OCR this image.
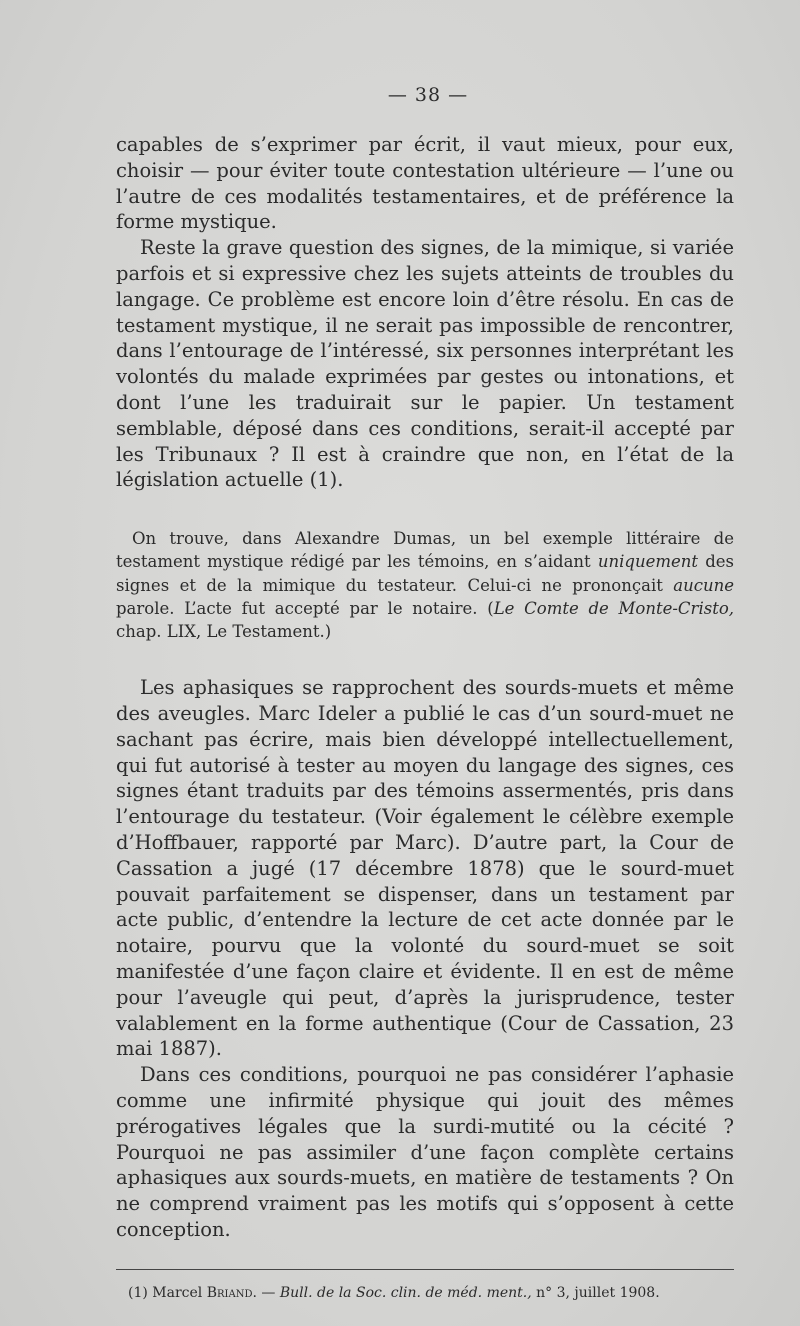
— 38 —

capables de s’exprimer par écrit, il vaut mieux, pour eux, choisir — pour éviter toute contestation ultérieure — l’une ou l’autre de ces modalités testamentaires, et de préférence la forme mystique.

Reste la grave question des signes, de la mimique, si variée parfois et si expressive chez les sujets atteints de troubles du langage. Ce problème est encore loin d’être résolu. En cas de testament mystique, il ne serait pas impossible de rencontrer, dans l’entourage de l’intéressé, six personnes interprétant les volontés du malade exprimées par gestes ou intonations, et dont l’une les traduirait sur le papier. Un testament semblable, déposé dans ces conditions, serait-il accepté par les Tribunaux ? Il est à craindre que non, en l’état de la législation actuelle (1).

On trouve, dans Alexandre Dumas, un bel exemple littéraire de testament mystique rédigé par les témoins, en s’aidant uniquement des signes et de la mimique du testateur. Celui-ci ne prononçait aucune parole. L’acte fut accepté par le notaire. (Le Comte de Monte-Cristo, chap. LIX, Le Testament.)

Les aphasiques se rapprochent des sourds-muets et même des aveugles. Marc Ideler a publié le cas d’un sourd-muet ne sachant pas écrire, mais bien développé intellectuellement, qui fut autorisé à tester au moyen du langage des signes, ces signes étant traduits par des témoins assermentés, pris dans l’entourage du testateur. (Voir également le célèbre exemple d’Hoffbauer, rapporté par Marc). D’autre part, la Cour de Cassation a jugé (17 décembre 1878) que le sourd-muet pouvait parfaitement se dispenser, dans un testament par acte public, d’entendre la lecture de cet acte donnée par le notaire, pourvu que la volonté du sourd-muet se soit manifestée d’une façon claire et évidente. Il en est de même pour l’aveugle qui peut, d’après la jurisprudence, tester valablement en la forme authentique (Cour de Cassation, 23 mai 1887).

Dans ces conditions, pourquoi ne pas considérer l’aphasie comme une infirmité physique qui jouit des mêmes prérogatives légales que la surdi-mutité ou la cécité ? Pourquoi ne pas assimiler d’une façon complète certains aphasiques aux sourds-muets, en matière de testaments ? On ne comprend vraiment pas les motifs qui s’opposent à cette conception.

(1) Marcel Briand. — Bull. de la Soc. clin. de méd. ment., n° 3, juillet 1908.
